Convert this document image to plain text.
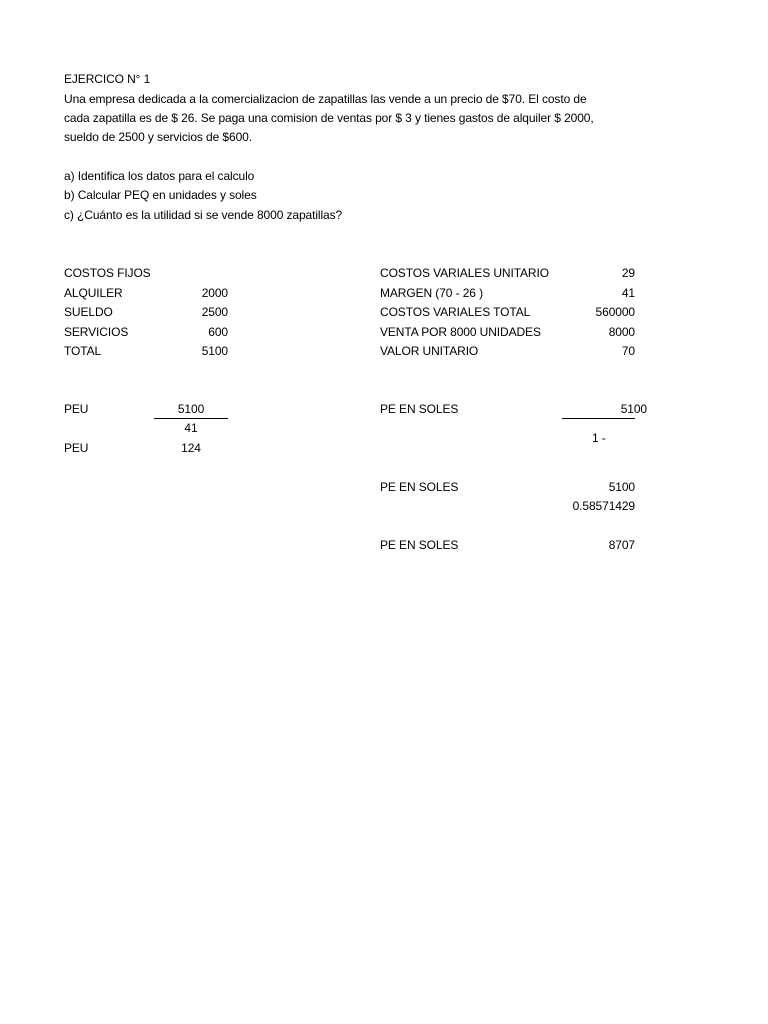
EJERCICO N° 1
Una empresa dedicada a la comercializacion de zapatillas las vende a un precio de $70. El costo de
cada zapatilla es de $ 26. Se paga una comision de ventas por $ 3 y tienes gastos de alquiler $ 2000,
sueldo de 2500 y servicios de $600.
a) Identifica los datos para el calculo
b) Calcular PEQ en unidades y soles
c) ¿Cuánto es la utilidad si se vende 8000 zapatillas?
COSTOS FIJOS
ALQUILER	2000
SUELDO	2500
SERVICIOS	600
TOTAL	5100
COSTOS VARIALES UNITARIO	29
MARGEN (70 - 26 )	41
COSTOS VARIALES TOTAL	560000
VENTA POR 8000 UNIDADES	8000
VALOR UNITARIO	70
PEU	5100
41
PEU	124
PE EN SOLES	5100
1 -
PE EN SOLES	5100
0.58571429
PE EN SOLES	8707
